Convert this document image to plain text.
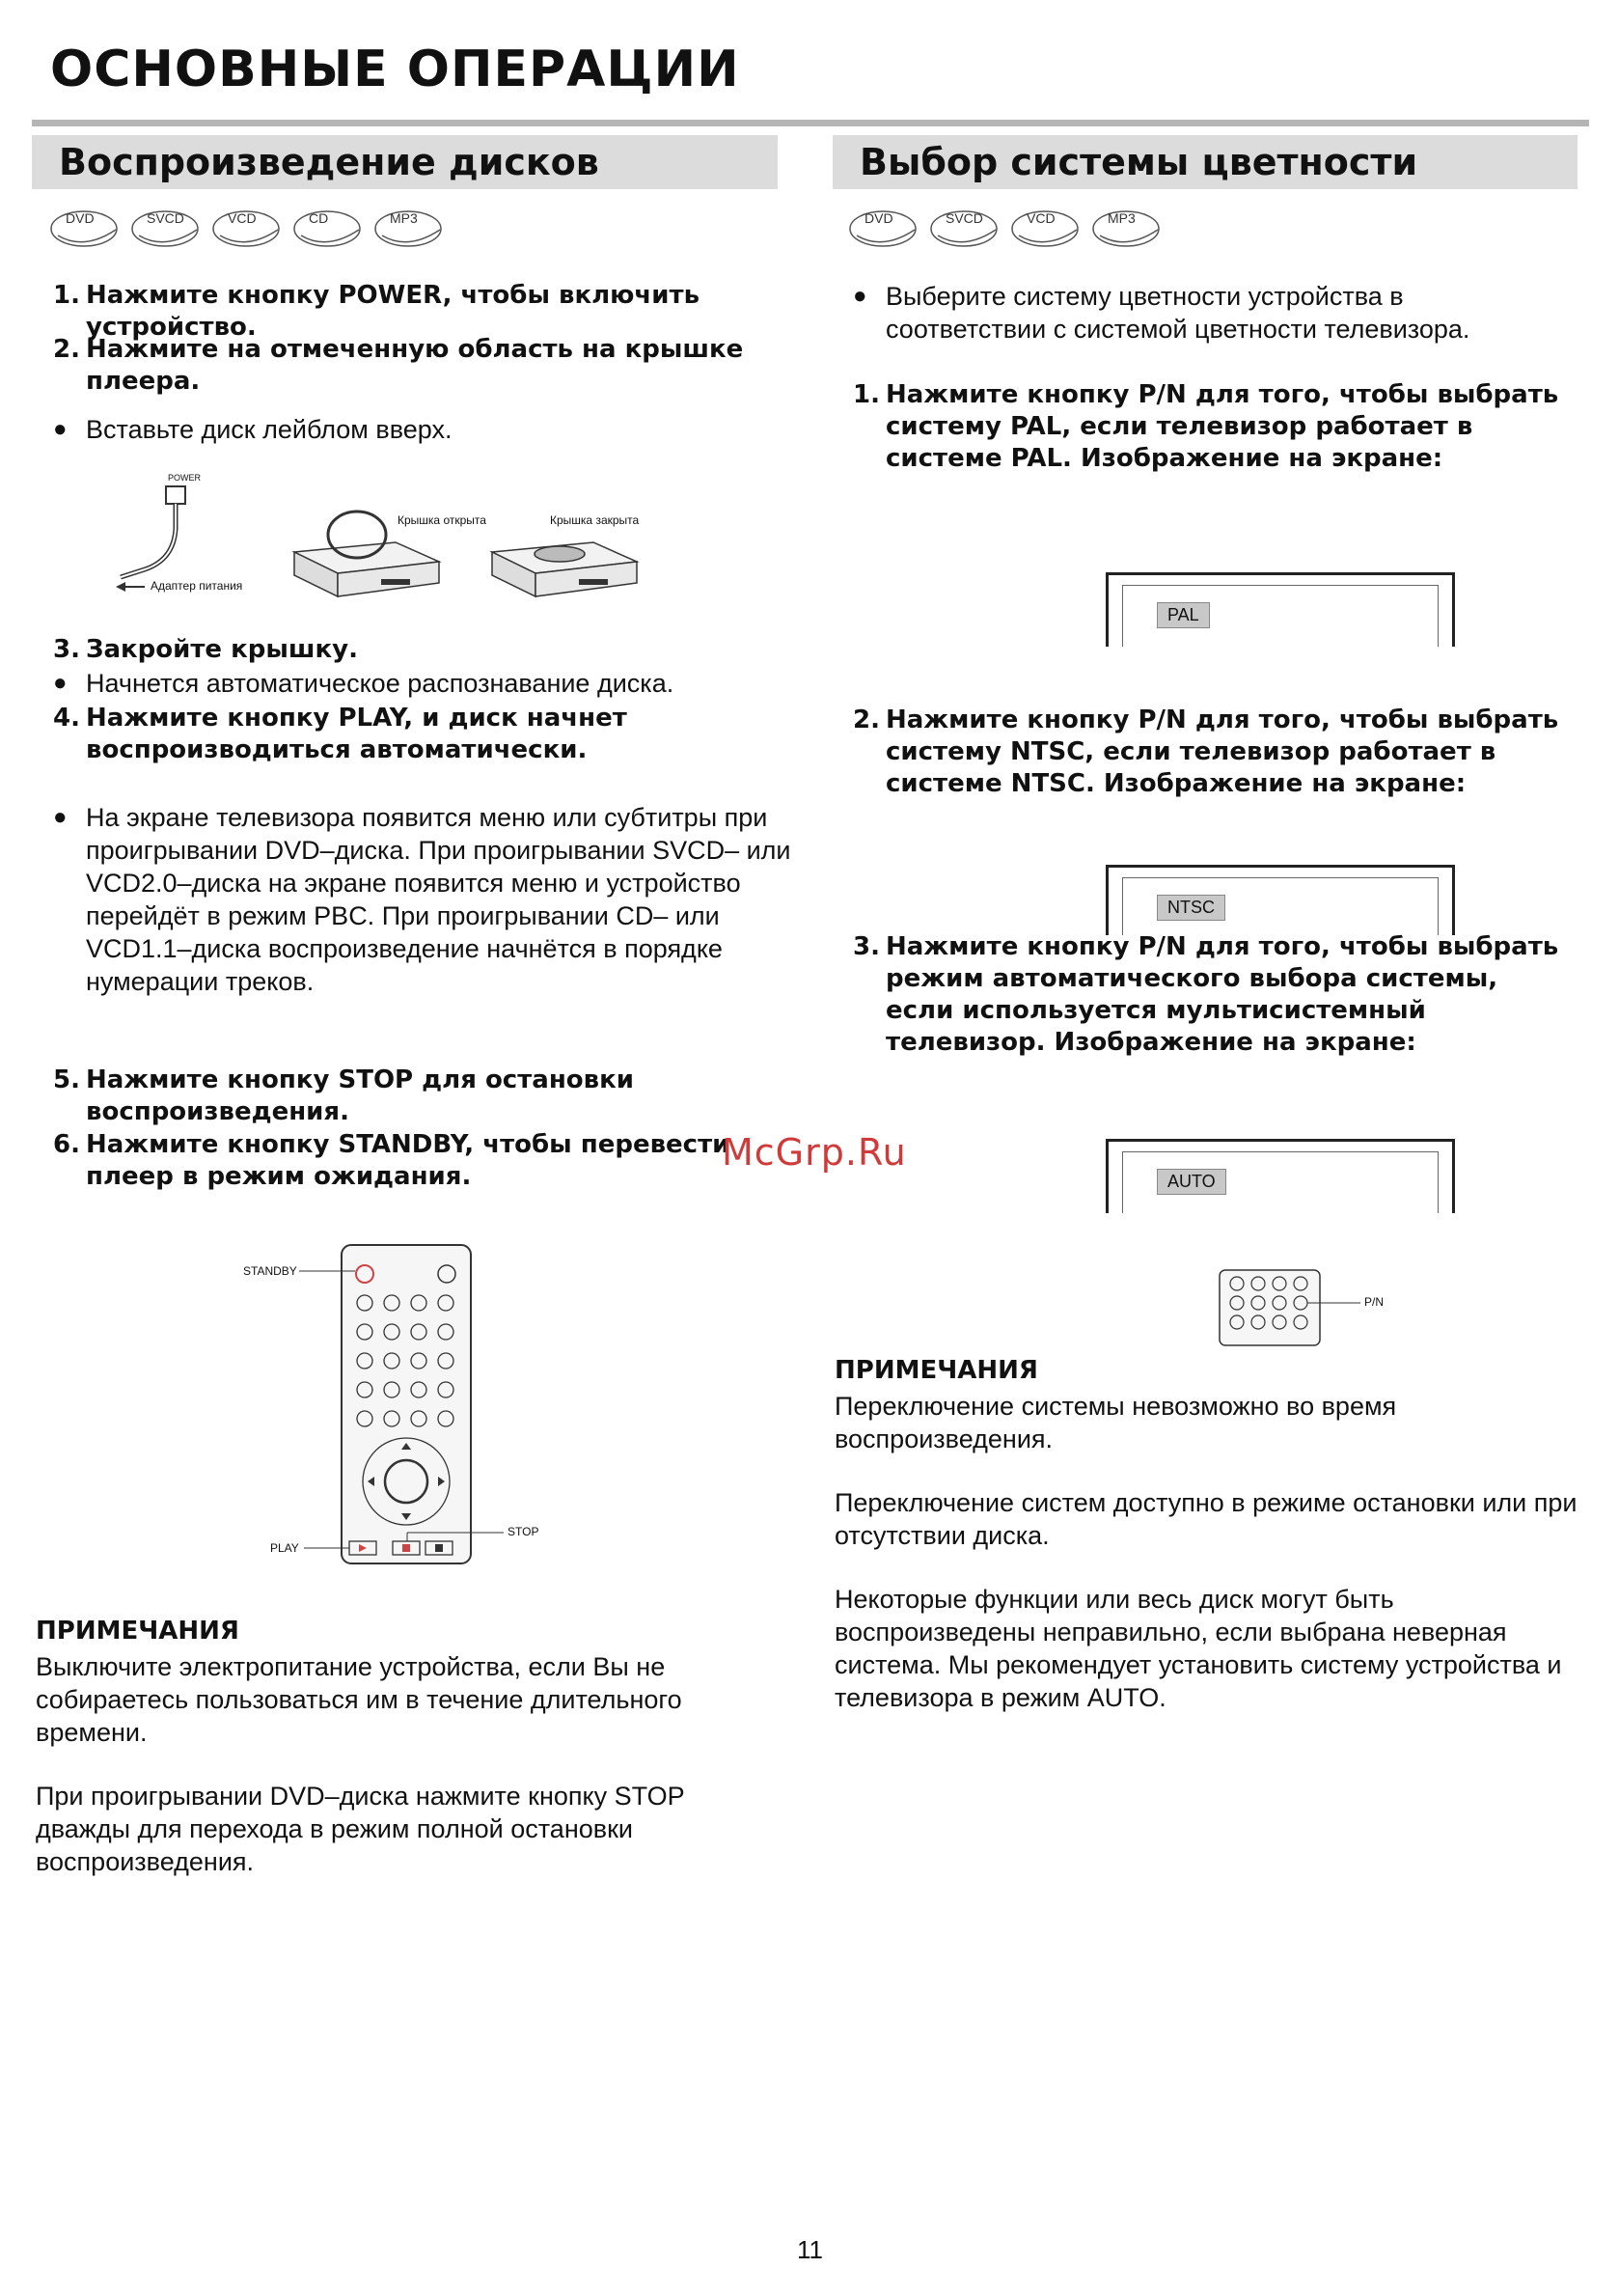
ОСНОВНЫЕ ОПЕРАЦИИ
Воспроизведение дисков
DVD	SVCD	VCD	CD	MP3
1. Нажмите кнопку POWER, чтобы включить устройство.
2. Нажмите на отмеченную область на крышке плеера.
● Вставьте диск лейблом вверх.
POWER
Адаптер питания
Крышка открыта	Крышка закрыта
3. Закройте крышку.
● Начнется автоматическое распознавание диска.
4. Нажмите кнопку PLAY, и диск начнет воспроизводиться автоматически.
● На экране телевизора появится меню или субтитры при проигрывании DVD–диска. При проигрывании SVCD– или VCD2.0–диска на экране появится меню и устройство перейдёт в режим PBC. При проигрывании CD– или VCD1.1–диска воспроизведение начнётся в порядке нумерации треков.
5. Нажмите кнопку STOP для остановки воспроизведения.
6. Нажмите кнопку STANDBY, чтобы перевести плеер в режим ожидания.
STANDBY
PLAY
STOP
ПРИМЕЧАНИЯ
Выключите электропитание устройства, если Вы не собираетесь пользоваться им в течение длительного времени.
При проигрывании DVD–диска нажмите кнопку STOP дважды для перехода в режим полной остановки воспроизведения.
Выбор системы цветности
DVD	SVCD	VCD	MP3
● Выберите систему цветности устройства в соответствии с системой цветности телевизора.
1. Нажмите кнопку P/N для того, чтобы выбрать систему PAL, если телевизор работает в системе PAL. Изображение на экране:
PAL
2. Нажмите кнопку P/N для того, чтобы выбрать систему NTSC, если телевизор работает в системе NTSC. Изображение на экране:
NTSC
3. Нажмите кнопку P/N для того, чтобы выбрать режим автоматического выбора системы, если используется мультисистемный телевизор. Изображение на экране:
AUTO
P/N
ПРИМЕЧАНИЯ
Переключение системы невозможно во время воспроизведения.
Переключение систем доступно в режиме остановки или при отсутствии диска.
Некоторые функции или весь диск могут быть воспроизведены неправильно, если выбрана неверная система. Мы рекомендует установить систему устройства и телевизора в режим AUTO.
McGrp.Ru
11
